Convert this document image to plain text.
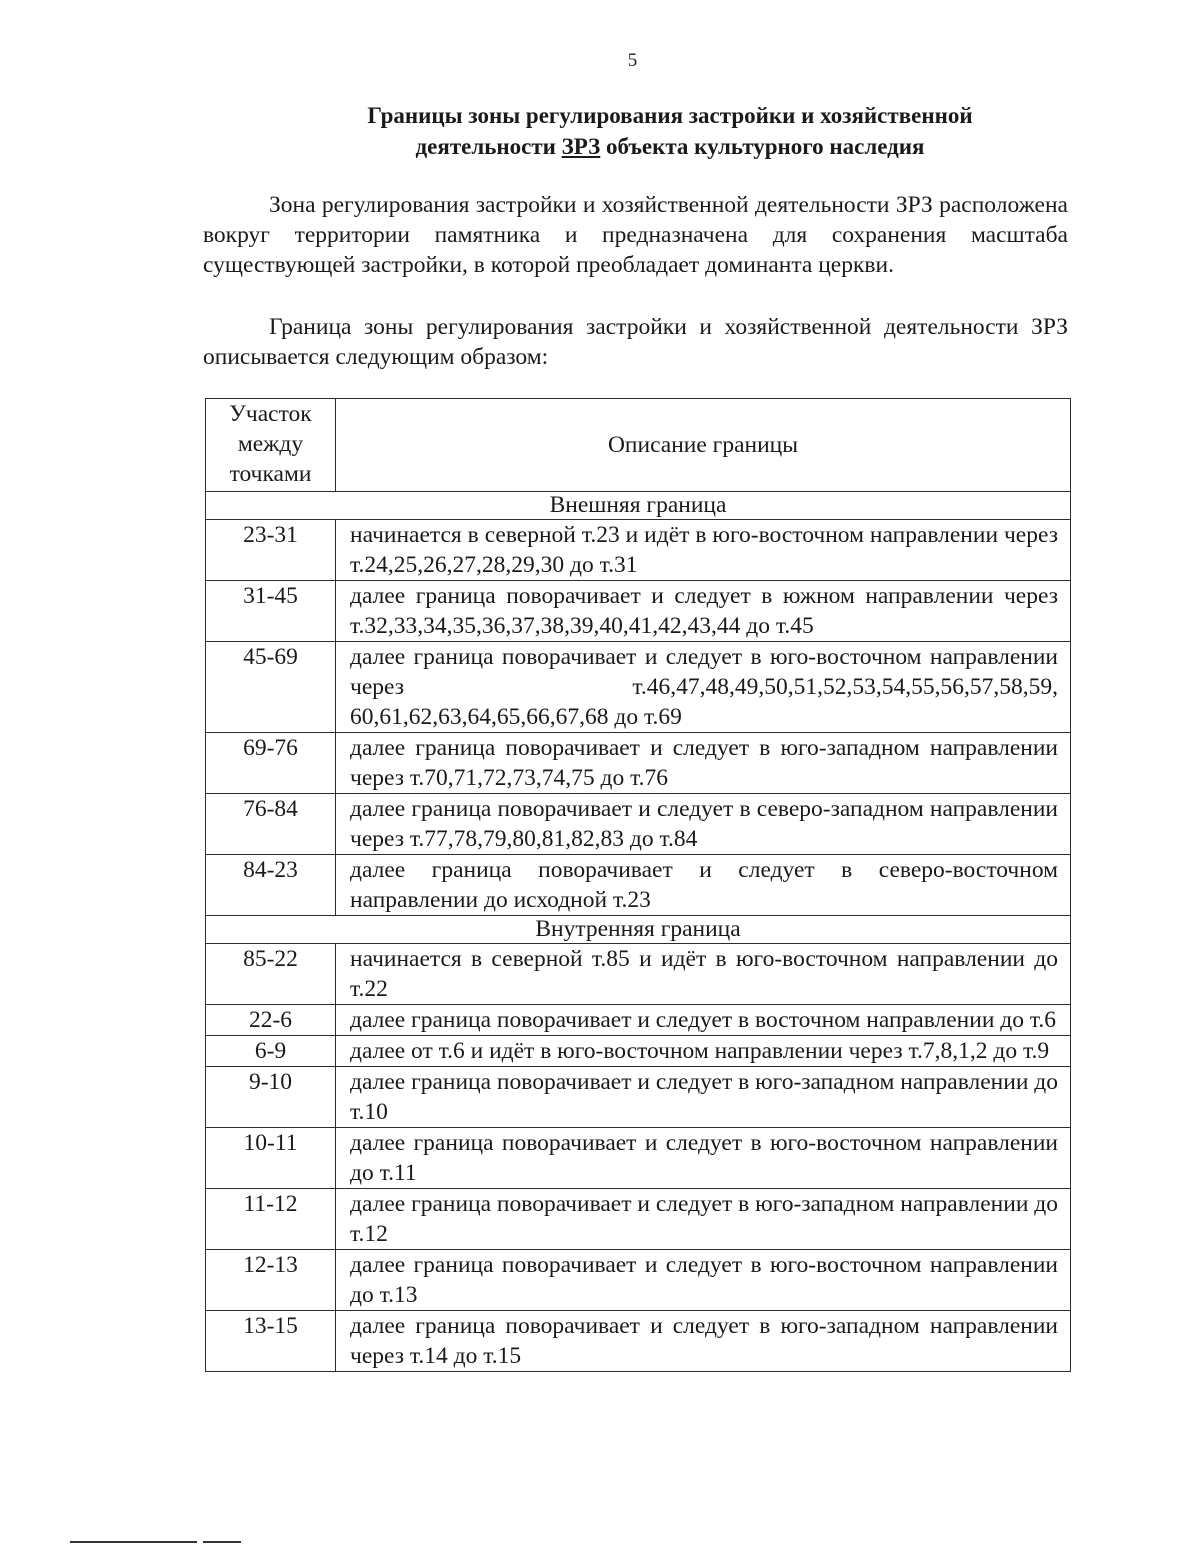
5
Границы зоны регулирования застройки и хозяйственной
деятельности ЗРЗ объекта культурного наследия

Зона регулирования застройки и хозяйственной деятельности ЗРЗ расположена вокруг территории памятника и предназначена для сохранения масштаба существующей застройки, в которой преобладает доминанта церкви.

Граница зоны регулирования застройки и хозяйственной деятельности ЗРЗ описывается следующим образом:

Участок между точками	Описание границы
Внешняя граница	
23-31	начинается в северной т.23 и идёт в юго-восточном направлении через т.24,25,26,27,28,29,30 до т.31
31-45	далее граница поворачивает и следует в южном направлении через т.32,33,34,35,36,37,38,39,40,41,42,43,44 до т.45
45-69	далее граница поворачивает и следует в юго-восточном направлении через т.46,47,48,49,50,51,52,53,54,55,56,57,58,59, 60,61,62,63,64,65,66,67,68 до т.69
69-76	далее граница поворачивает и следует в юго-западном направлении через т.70,71,72,73,74,75 до т.76
76-84	далее граница поворачивает и следует в северо-западном направлении через т.77,78,79,80,81,82,83 до т.84
84-23	далее граница поворачивает и следует в северо-восточном направлении до исходной т.23
Внутренняя граница	
85-22	начинается в северной т.85 и идёт в юго-восточном направлении до т.22
22-6	далее граница поворачивает и следует в восточном направлении до т.6
6-9	далее от т.6 и идёт в юго-восточном направлении через т.7,8,1,2 до т.9
9-10	далее граница поворачивает и следует в юго-западном направлении до т.10
10-11	далее граница поворачивает и следует в юго-восточном направлении до т.11
11-12	далее граница поворачивает и следует в юго-западном направлении до т.12
12-13	далее граница поворачивает и следует в юго-восточном направлении до т.13
13-15	далее граница поворачивает и следует в юго-западном направлении через т.14 до т.15
